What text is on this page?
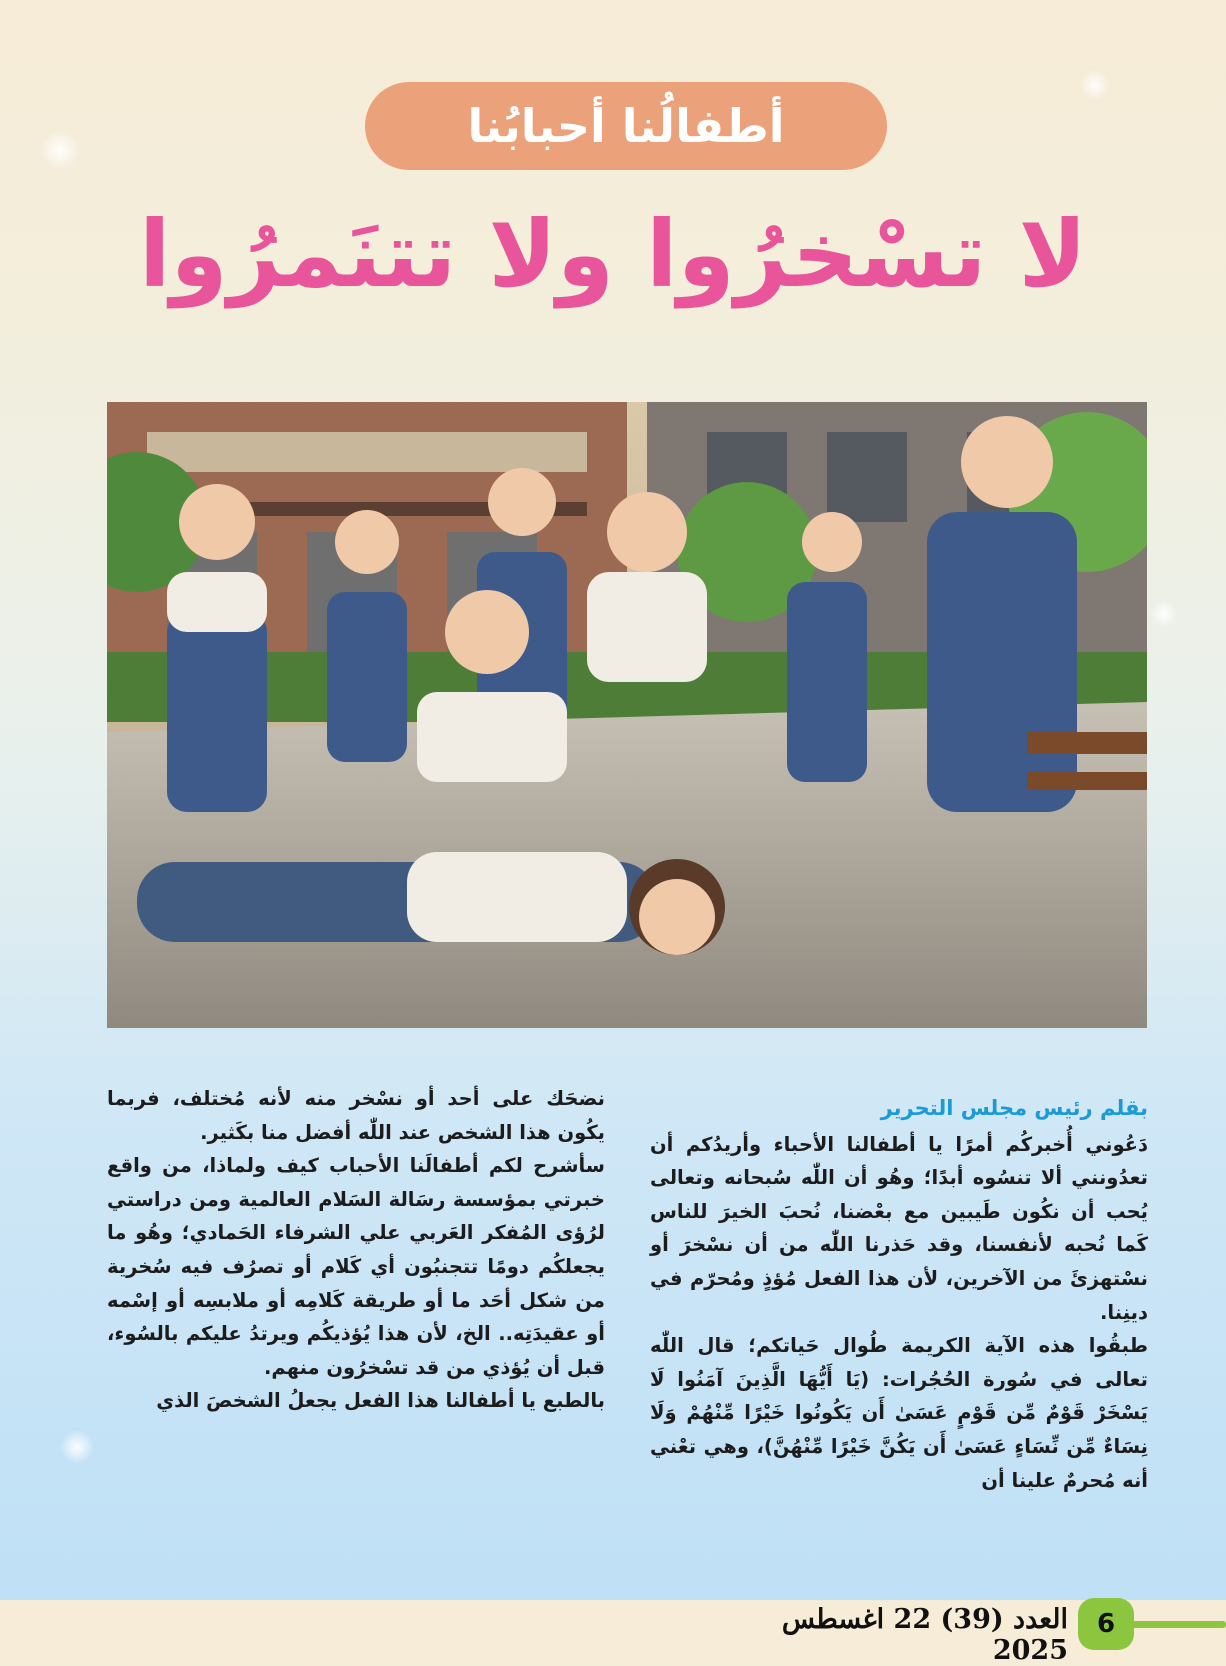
أطفالُنا أحبابُنا
لا تسْخرُوا ولا تتنَمرُوا
بقلم رئيس مجلس التحرير

دَعُوني أُخبركُم أمرًا يا أطفالنا الأحباء وأريدُكم أن تعدُونني ألا تنسُوه أبدًا؛ وهُو أن اللّٰه سُبحانه وتعالى يُحب أن نكُون طَيبين مع بعْضنا، نُحبَ الخيرَ للناس كَما نُحبه لأنفسنا، وقد حَذرنا اللّٰه من أن نسْخرَ أو نسْتهزئَ من الآخرين، لأن هذا الفعل مُؤذٍ ومُحرّم في دينِنا.

طبقُوا هذه الآية الكريمة طُوال حَياتكم؛ قال اللّٰه تعالى في سُورة الحُجُرات: (يَا أَيُّهَا الَّذِينَ آمَنُوا لَا يَسْخَرْ قَوْمٌ مِّن قَوْمٍ عَسَىٰ أَن يَكُونُوا خَيْرًا مِّنْهُمْ وَلَا نِسَاءٌ مِّن نِّسَاءٍ عَسَىٰ أَن يَكُنَّ خَيْرًا مِّنْهُنَّ)، وهي تعْني أنه مُحرمٌ علينا أن

نضحَك على أحد أو نسْخر منه لأنه مُختلف، فربما يكُون هذا الشخص عند اللّٰه أفضل منا بكَثير.

سأشرح لكم أطفالَنا الأحباب كيف ولماذا، من واقع خبرتي بمؤسسة رسَالة السَلام العالمية ومن دراستي لرُؤى المُفكر العَربي علي الشرفاء الحَمادي؛ وهُو ما يجعلكُم دومًا تتجنبُون أي كَلام أو تصرُف فيه سُخرية من شكل أحَد ما أو طريقة كَلامِه أو ملابسِه أو إسْمه أو عقيدَتِه.. الخ، لأن هذا يُؤذيكُم ويرتدُ عليكم بالسُوء، قبل أن يُؤذي من قد تسْخرُون منهم.

بالطبع يا أطفالنا هذا الفعل يجعلُ الشخصَ الذي

6
العدد (39) 22 اغسطس 2025
